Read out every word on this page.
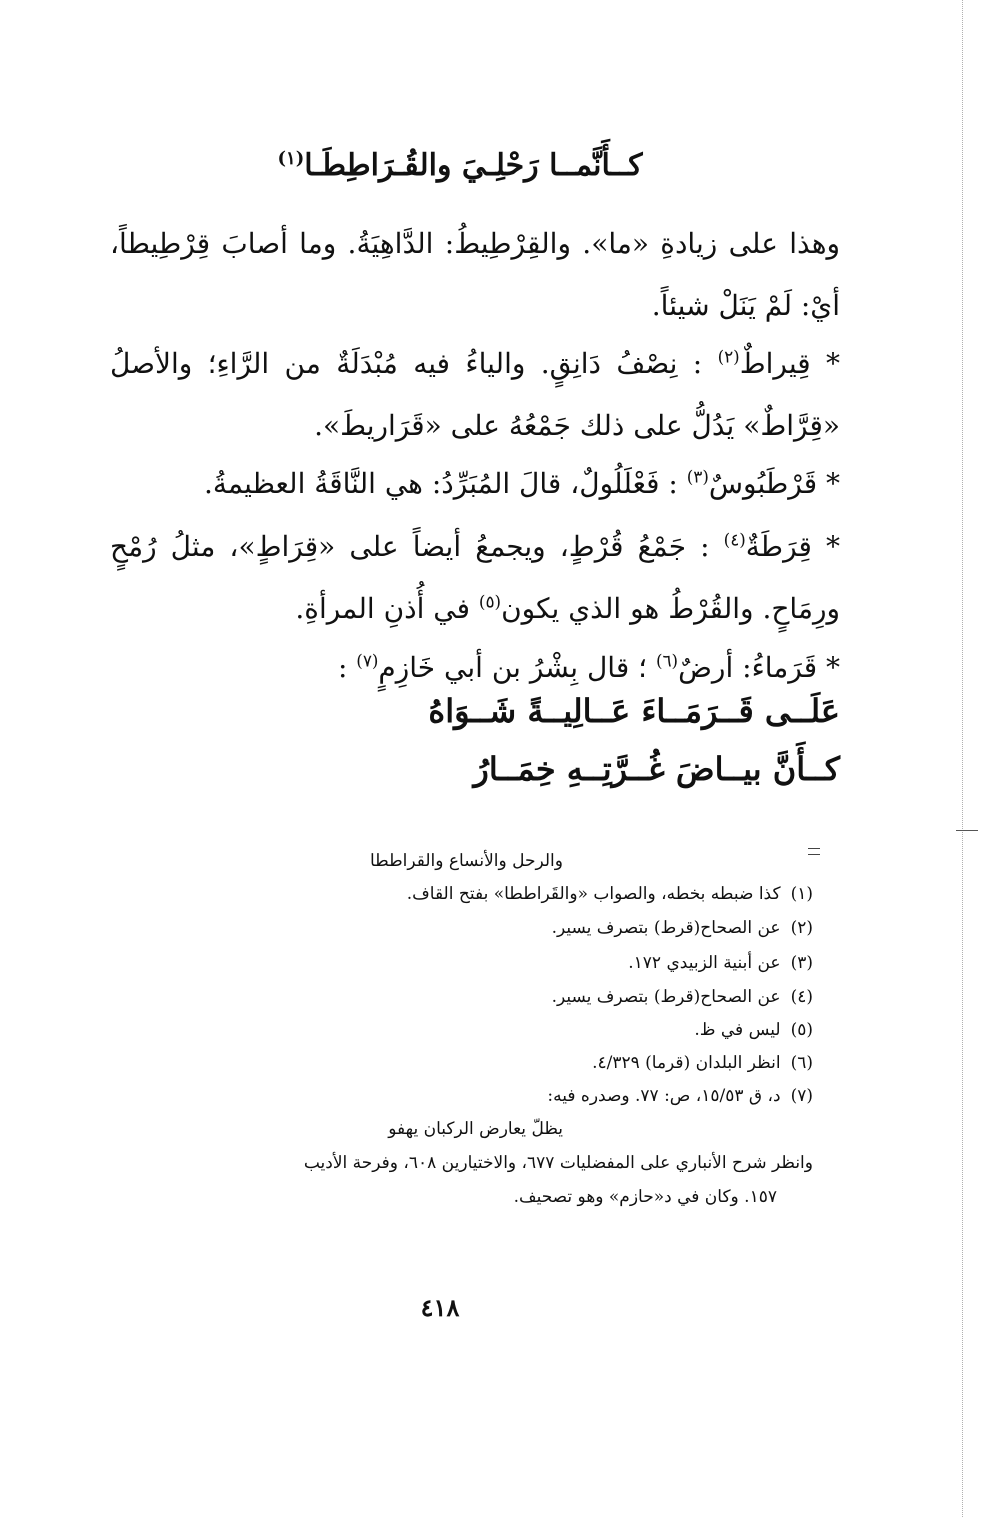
كــأَنَّمــا رَحْلِـيَ والقُـرَاطِطَـا$^{(١)}$
وهذا على زيادةِ «ما». والقِرْطِيطُ: الدَّاهِيَةُ. وما أصابَ قِرْطِيطاً، أيْ: لَمْ يَنَلْ شيئاً.
* قِيراطٌ$^{(٢)}$ : نِصْفُ دَانِقٍ. والياءُ فيه مُبْدَلَةٌ من الرَّاءِ؛ والأصلُ «قِرَّاطٌ» يَدُلُّ على ذلك جَمْعُهُ على «قَرَاريطَ».
* قَرْطَبُوسٌ$^{(٣)}$ : فَعْلَلُولٌ، قالَ المُبَرِّدُ: هي النَّاقَةُ العظيمةُ.
* قِرَطَةٌ$^{(٤)}$ : جَمْعُ قُرْطٍ، ويجمعُ أيضاً على «قِرَاطٍ»، مثلُ رُمْحٍ ورِمَاحٍ. والقُرْطُ هو الذي يكون$^{(٥)}$ في أُذنِ المرأةِ.
* قَرَماءُ: أرضٌ$^{(٦)}$ ؛ قال بِشْرُ بن أبي خَازِمٍ$^{(٧)}$ :
عَلَــى قَــرَمَــاءَ عَــالِيــةً شَــوَاهُ
كــأَنَّ بيــاضَ غُــرَّتِــهِ خِمَــارُ
والرحل والأنساع والقراططا
(١)كذا ضبطه بخطه، والصواب «والقَراططا» بفتح القاف.
(٢)عن الصحاح(قرط) بتصرف يسير.
(٣)عن أبنية الزبيدي ١٧٢.
(٤)عن الصحاح(قرط) بتصرف يسير.
(٥)ليس في ظ.
(٦)انظر البلدان (قرما) ٤/٣٢٩.
(٧)د، ق ١٥/٥٣، ص: ٧٧. وصدره فيه:
يظلّ يعارض الركبان يهفو
وانظر شرح الأنباري على المفضليات ٦٧٧، والاختيارين ٦٠٨، وفرحة الأديب
١٥٧. وكان في د«حازم» وهو تصحيف.
٤١٨
